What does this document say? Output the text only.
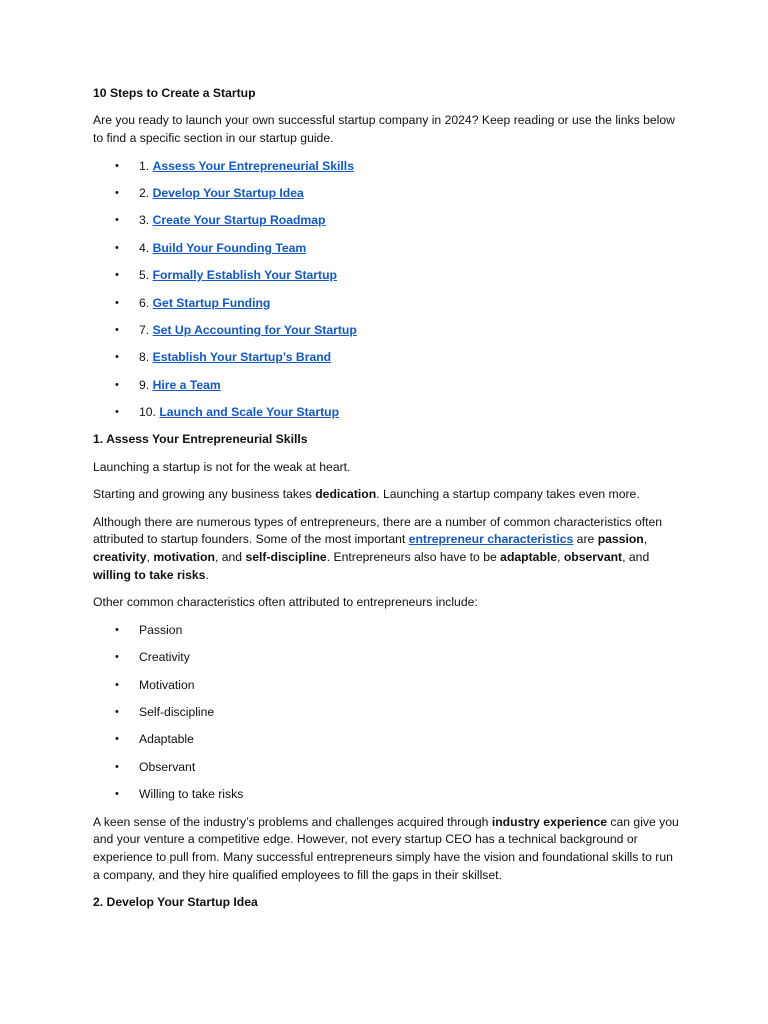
10 Steps to Create a Startup

Are you ready to launch your own successful startup company in 2024? Keep reading or use the links below to find a specific section in our startup guide.

• 1. Assess Your Entrepreneurial Skills
• 2. Develop Your Startup Idea
• 3. Create Your Startup Roadmap
• 4. Build Your Founding Team
• 5. Formally Establish Your Startup
• 6. Get Startup Funding
• 7. Set Up Accounting for Your Startup
• 8. Establish Your Startup’s Brand
• 9. Hire a Team
• 10. Launch and Scale Your Startup

1. Assess Your Entrepreneurial Skills

Launching a startup is not for the weak at heart.

Starting and growing any business takes dedication. Launching a startup company takes even more.

Although there are numerous types of entrepreneurs, there are a number of common characteristics often attributed to startup founders. Some of the most important entrepreneur characteristics are passion, creativity, motivation, and self-discipline. Entrepreneurs also have to be adaptable, observant, and willing to take risks.

Other common characteristics often attributed to entrepreneurs include:

• Passion
• Creativity
• Motivation
• Self-discipline
• Adaptable
• Observant
• Willing to take risks

A keen sense of the industry’s problems and challenges acquired through industry experience can give you and your venture a competitive edge. However, not every startup CEO has a technical background or experience to pull from. Many successful entrepreneurs simply have the vision and foundational skills to run a company, and they hire qualified employees to fill the gaps in their skillset.

2. Develop Your Startup Idea
